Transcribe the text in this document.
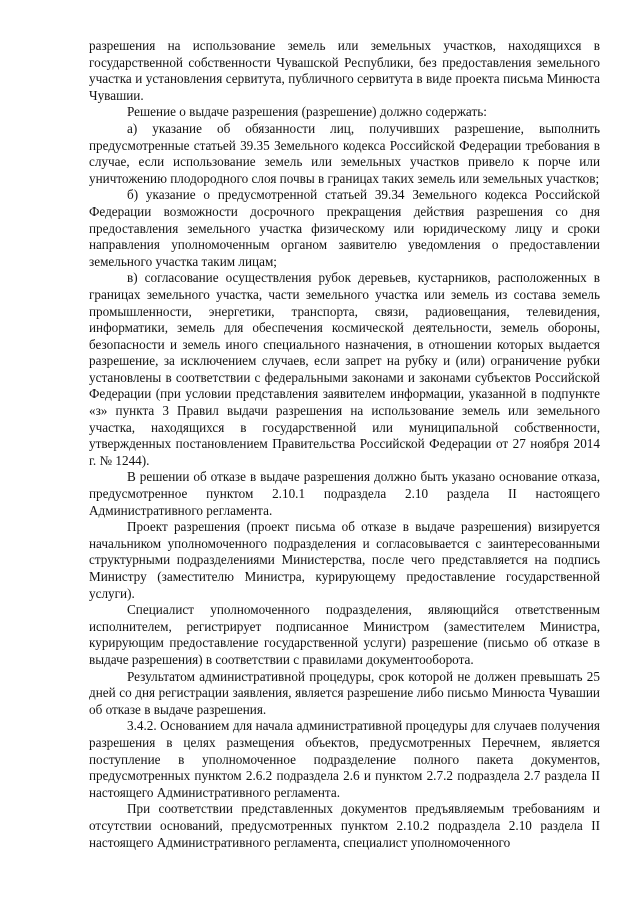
разрешения на использование земель или земельных участков, находящихся в государственной собственности Чувашской Республики, без предоставления земельного участка и установления сервитута, публичного сервитута в виде проекта письма Минюста Чувашии.

Решение о выдаче разрешения (разрешение) должно содержать:

а) указание об обязанности лиц, получивших разрешение, выполнить предусмотренные статьей 39.35 Земельного кодекса Российской Федерации требования в случае, если использование земель или земельных участков привело к порче или уничтожению плодородного слоя почвы в границах таких земель или земельных участков;

б) указание о предусмотренной статьей 39.34 Земельного кодекса Российской Федерации возможности досрочного прекращения действия разрешения со дня предоставления земельного участка физическому или юридическому лицу и сроки направления уполномоченным органом заявителю уведомления о предоставлении земельного участка таким лицам;

в) согласование осуществления рубок деревьев, кустарников, расположенных в границах земельного участка, части земельного участка или земель из состава земель промышленности, энергетики, транспорта, связи, радиовещания, телевидения, информатики, земель для обеспечения космической деятельности, земель обороны, безопасности и земель иного специального назначения, в отношении которых выдается разрешение, за исключением случаев, если запрет на рубку и (или) ограничение рубки установлены в соответствии с федеральными законами и законами субъектов Российской Федерации (при условии представления заявителем информации, указанной в подпункте «з» пункта 3 Правил выдачи разрешения на использование земель или земельного участка, находящихся в государственной или муниципальной собственности, утвержденных постановлением Правительства Российской Федерации от 27 ноября 2014 г. № 1244).

В решении об отказе в выдаче разрешения должно быть указано основание отказа, предусмотренное пунктом 2.10.1 подраздела 2.10 раздела II настоящего Административного регламента.

Проект разрешения (проект письма об отказе в выдаче разрешения) визируется начальником уполномоченного подразделения и согласовывается с заинтересованными структурными подразделениями Министерства, после чего представляется на подпись Министру (заместителю Министра, курирующему предоставление государственной услуги).

Специалист уполномоченного подразделения, являющийся ответственным исполнителем, регистрирует подписанное Министром (заместителем Министра, курирующим предоставление государственной услуги) разрешение (письмо об отказе в выдаче разрешения) в соответствии с правилами документооборота.

Результатом административной процедуры, срок которой не должен превышать 25 дней со дня регистрации заявления, является разрешение либо письмо Минюста Чувашии об отказе в выдаче разрешения.

3.4.2. Основанием для начала административной процедуры для случаев получения разрешения в целях размещения объектов, предусмотренных Перечнем, является поступление в уполномоченное подразделение полного пакета документов, предусмотренных пунктом 2.6.2 подраздела 2.6 и пунктом 2.7.2 подраздела 2.7 раздела II настоящего Административного регламента.

При соответствии представленных документов предъявляемым требованиям и отсутствии оснований, предусмотренных пунктом 2.10.2 подраздела 2.10 раздела II настоящего Административного регламента, специалист уполномоченного
